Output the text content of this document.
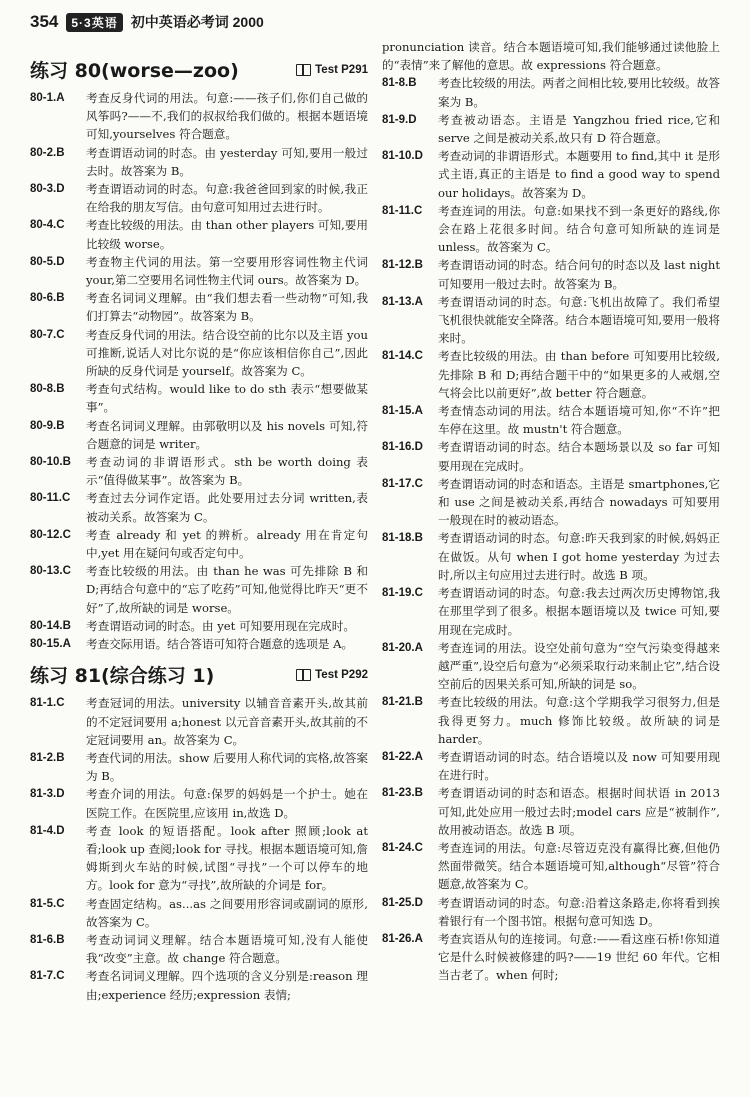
354	5·3英语 初中英语必考词 2000
练习 80(worse—zoo)	Test P291
80-1.A	考查反身代词的用法。句意:——孩子们,你们自己做的风筝吗?——不,我们的叔叔给我们做的。根据本题语境可知,yourselves 符合题意。
80-2.B	考查谓语动词的时态。由 yesterday 可知,要用一般过去时。故答案为 B。
80-3.D	考查谓语动词的时态。句意:我爸爸回到家的时候,我正在给我的朋友写信。由句意可知用过去进行时。
80-4.C	考查比较级的用法。由 than other players 可知,要用比较级 worse。
80-5.D	考查物主代词的用法。第一空要用形容词性物主代词 your,第二空要用名词性物主代词 ours。故答案为 D。
80-6.B	考查名词词义理解。由“我们想去看一些动物”可知,我们打算去“动物园”。故答案为 B。
80-7.C	考查反身代词的用法。结合设空前的比尔以及主语 you 可推断,说话人对比尔说的是“你应该相信你自己”,因此所缺的反身代词是 yourself。故答案为 C。
80-8.B	考查句式结构。would like to do sth 表示“想要做某事”。
80-9.B	考查名词词义理解。由郭敬明以及 his novels 可知,符合题意的词是 writer。
80-10.B	考查动词的非谓语形式。sth be worth doing 表示“值得做某事”。故答案为 B。
80-11.C	考查过去分词作定语。此处要用过去分词 written,表被动关系。故答案为 C。
80-12.C	考查 already 和 yet 的辨析。already 用在肯定句中,yet 用在疑问句或否定句中。
80-13.C	考查比较级的用法。由 than he was 可先排除 B 和 D;再结合句意中的“忘了吃药”可知,他觉得比昨天“更不好”了,故所缺的词是 worse。
80-14.B	考查谓语动词的时态。由 yet 可知要用现在完成时。
80-15.A	考查交际用语。结合答语可知符合题意的选项是 A。
练习 81(综合练习 1)	Test P292
81-1.C	考查冠词的用法。university 以辅音音素开头,故其前的不定冠词要用 a;honest 以元音音素开头,故其前的不定冠词要用 an。故答案为 C。
81-2.B	考查代词的用法。show 后要用人称代词的宾格,故答案为 B。
81-3.D	考查介词的用法。句意:保罗的妈妈是一个护士。她在医院工作。在医院里,应该用 in,故选 D。
81-4.D	考查 look 的短语搭配。look after 照顾;look at 看;look up 查阅;look for 寻找。根据本题语境可知,詹姆斯到火车站的时候,试图“寻找”一个可以停车的地方。look for 意为“寻找”,故所缺的介词是 for。
81-5.C	考查固定结构。as...as 之间要用形容词或副词的原形,故答案为 C。
81-6.B	考查动词词义理解。结合本题语境可知,没有人能使我“改变”主意。故 change 符合题意。
81-7.C	考查名词词义理解。四个选项的含义分别是:reason 理由;experience 经历;expression 表情;

pronunciation 读音。结合本题语境可知,我们能够通过读他脸上的“表情”来了解他的意思。故 expressions 符合题意。

81-8.B	考查比较级的用法。两者之间相比较,要用比较级。故答案为 B。
81-9.D	考查被动语态。主语是 Yangzhou fried rice,它和 serve 之间是被动关系,故只有 D 符合题意。
81-10.D	考查动词的非谓语形式。本题要用 to find,其中 it 是形式主语,真正的主语是 to find a good way to spend our holidays。故答案为 D。
81-11.C	考查连词的用法。句意:如果找不到一条更好的路线,你会在路上花很多时间。结合句意可知所缺的连词是 unless。故答案为 C。
81-12.B	考查谓语动词的时态。结合问句的时态以及 last night 可知要用一般过去时。故答案为 B。
81-13.A	考查谓语动词的时态。句意:飞机出故障了。我们希望飞机很快就能安全降落。结合本题语境可知,要用一般将来时。
81-14.C	考查比较级的用法。由 than before 可知要用比较级,先排除 B 和 D;再结合题干中的“如果更多的人戒烟,空气将会比以前更好”,故 better 符合题意。
81-15.A	考查情态动词的用法。结合本题语境可知,你“不许”把车停在这里。故 mustn't 符合题意。
81-16.D	考查谓语动词的时态。结合本题场景以及 so far 可知要用现在完成时。
81-17.C	考查谓语动词的时态和语态。主语是 smartphones,它和 use 之间是被动关系,再结合 nowadays 可知要用一般现在时的被动语态。
81-18.B	考查谓语动词的时态。句意:昨天我到家的时候,妈妈正在做饭。从句 when I got home yesterday 为过去时,所以主句应用过去进行时。故选 B 项。
81-19.C	考查谓语动词的时态。句意:我去过两次历史博物馆,我在那里学到了很多。根据本题语境以及 twice 可知,要用现在完成时。
81-20.A	考查连词的用法。设空处前句意为“空气污染变得越来越严重”,设空后句意为“必须采取行动来制止它”,结合设空前后的因果关系可知,所缺的词是 so。
81-21.B	考查比较级的用法。句意:这个学期我学习很努力,但是我得更努力。much 修饰比较级。故所缺的词是 harder。
81-22.A	考查谓语动词的时态。结合语境以及 now 可知要用现在进行时。
81-23.B	考查谓语动词的时态和语态。根据时间状语 in 2013 可知,此处应用一般过去时;model cars 应是“被制作”,故用被动语态。故选 B 项。
81-24.C	考查连词的用法。句意:尽管迈克没有赢得比赛,但他仍然面带微笑。结合本题语境可知,although“尽管”符合题意,故答案为 C。
81-25.D	考查谓语动词的时态。句意:沿着这条路走,你将看到挨着银行有一个图书馆。根据句意可知选 D。
81-26.A	考查宾语从句的连接词。句意:——看这座石桥!你知道它是什么时候被修建的吗?——19 世纪 60 年代。它相当古老了。when 何时;
